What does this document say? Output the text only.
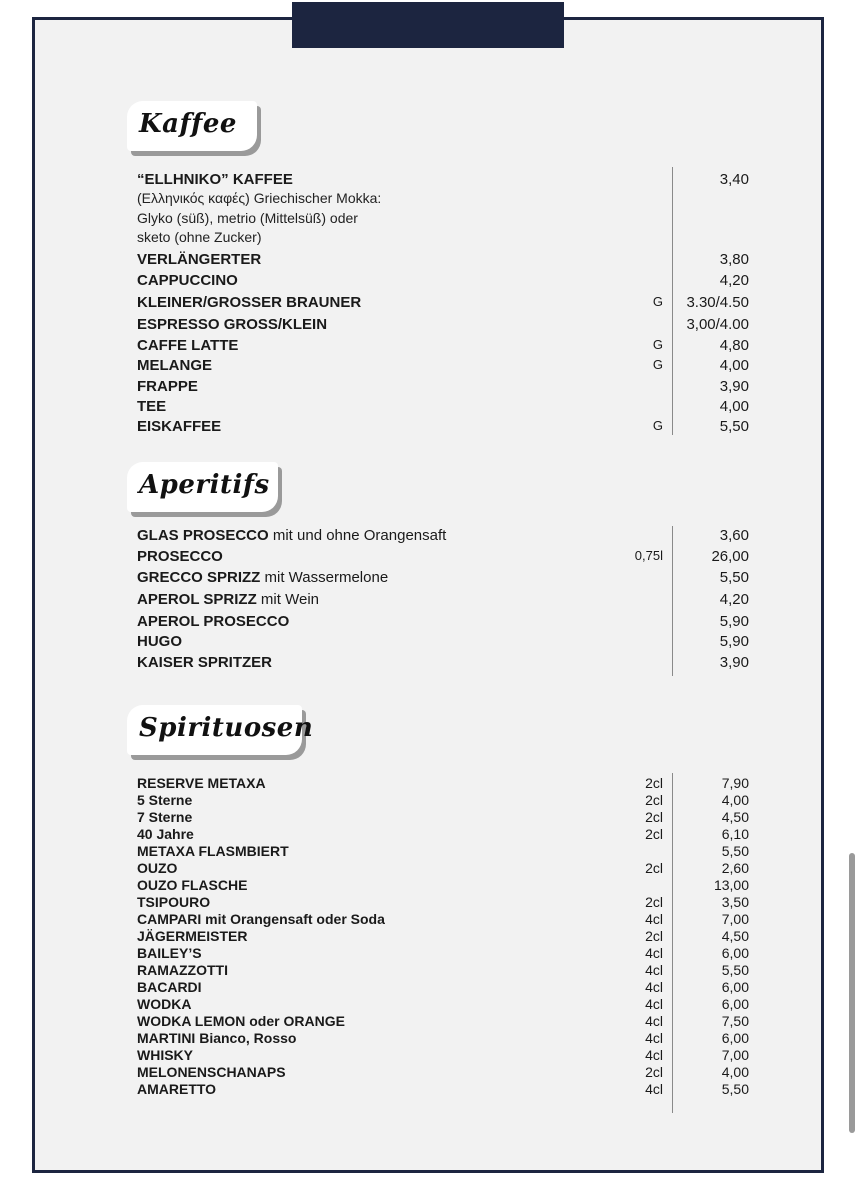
Kaffee
“ELLHNIKO” KAFFEE	3,40
(Ελληνικός καφές) Griechischer Mokka:
Glyko (süß), metrio (Mittelsüß) oder
sketo (ohne Zucker)
VERLÄNGERTER	3,80
CAPPUCCINO	4,20
KLEINER/GROSSER BRAUNER	G 3.30/4.50
ESPRESSO GROSS/KLEIN	3,00/4.00
CAFFE LATTE	G	4,80
MELANGE	G	4,00
FRAPPE	3,90
TEE	4,00
EISKAFFEE	G	5,50
Aperitifs
GLAS PROSECCO mit und ohne Orangensaft	3,60
PROSECCO	0,75l	26,00
GRECCO SPRIZZ mit Wassermelone	5,50
APEROL SPRIZZ mit Wein	4,20
APEROL PROSECCO	5,90
HUGO	5,90
KAISER SPRITZER	3,90
Spirituosen
RESERVE METAXA	2cl	7,90
5 Sterne	2cl	4,00
7 Sterne	2cl	4,50
40 Jahre	2cl	6,10
METAXA FLASMBIERT	5,50
OUZO	2cl	2,60
OUZO FLASCHE	13,00
TSIPOURO	2cl	3,50
CAMPARI mit Orangensaft oder Soda	4cl	7,00
JÄGERMEISTER	2cl	4,50
BAILEY’S	4cl	6,00
RAMAZZOTTI	4cl	5,50
BACARDI	4cl	6,00
WODKA	4cl	6,00
WODKA LEMON oder ORANGE	4cl	7,50
MARTINI Bianco, Rosso	4cl	6,00
WHISKY	4cl	7,00
MELONENSCHANAPS	2cl	4,00
AMARETTO	4cl	5,50
